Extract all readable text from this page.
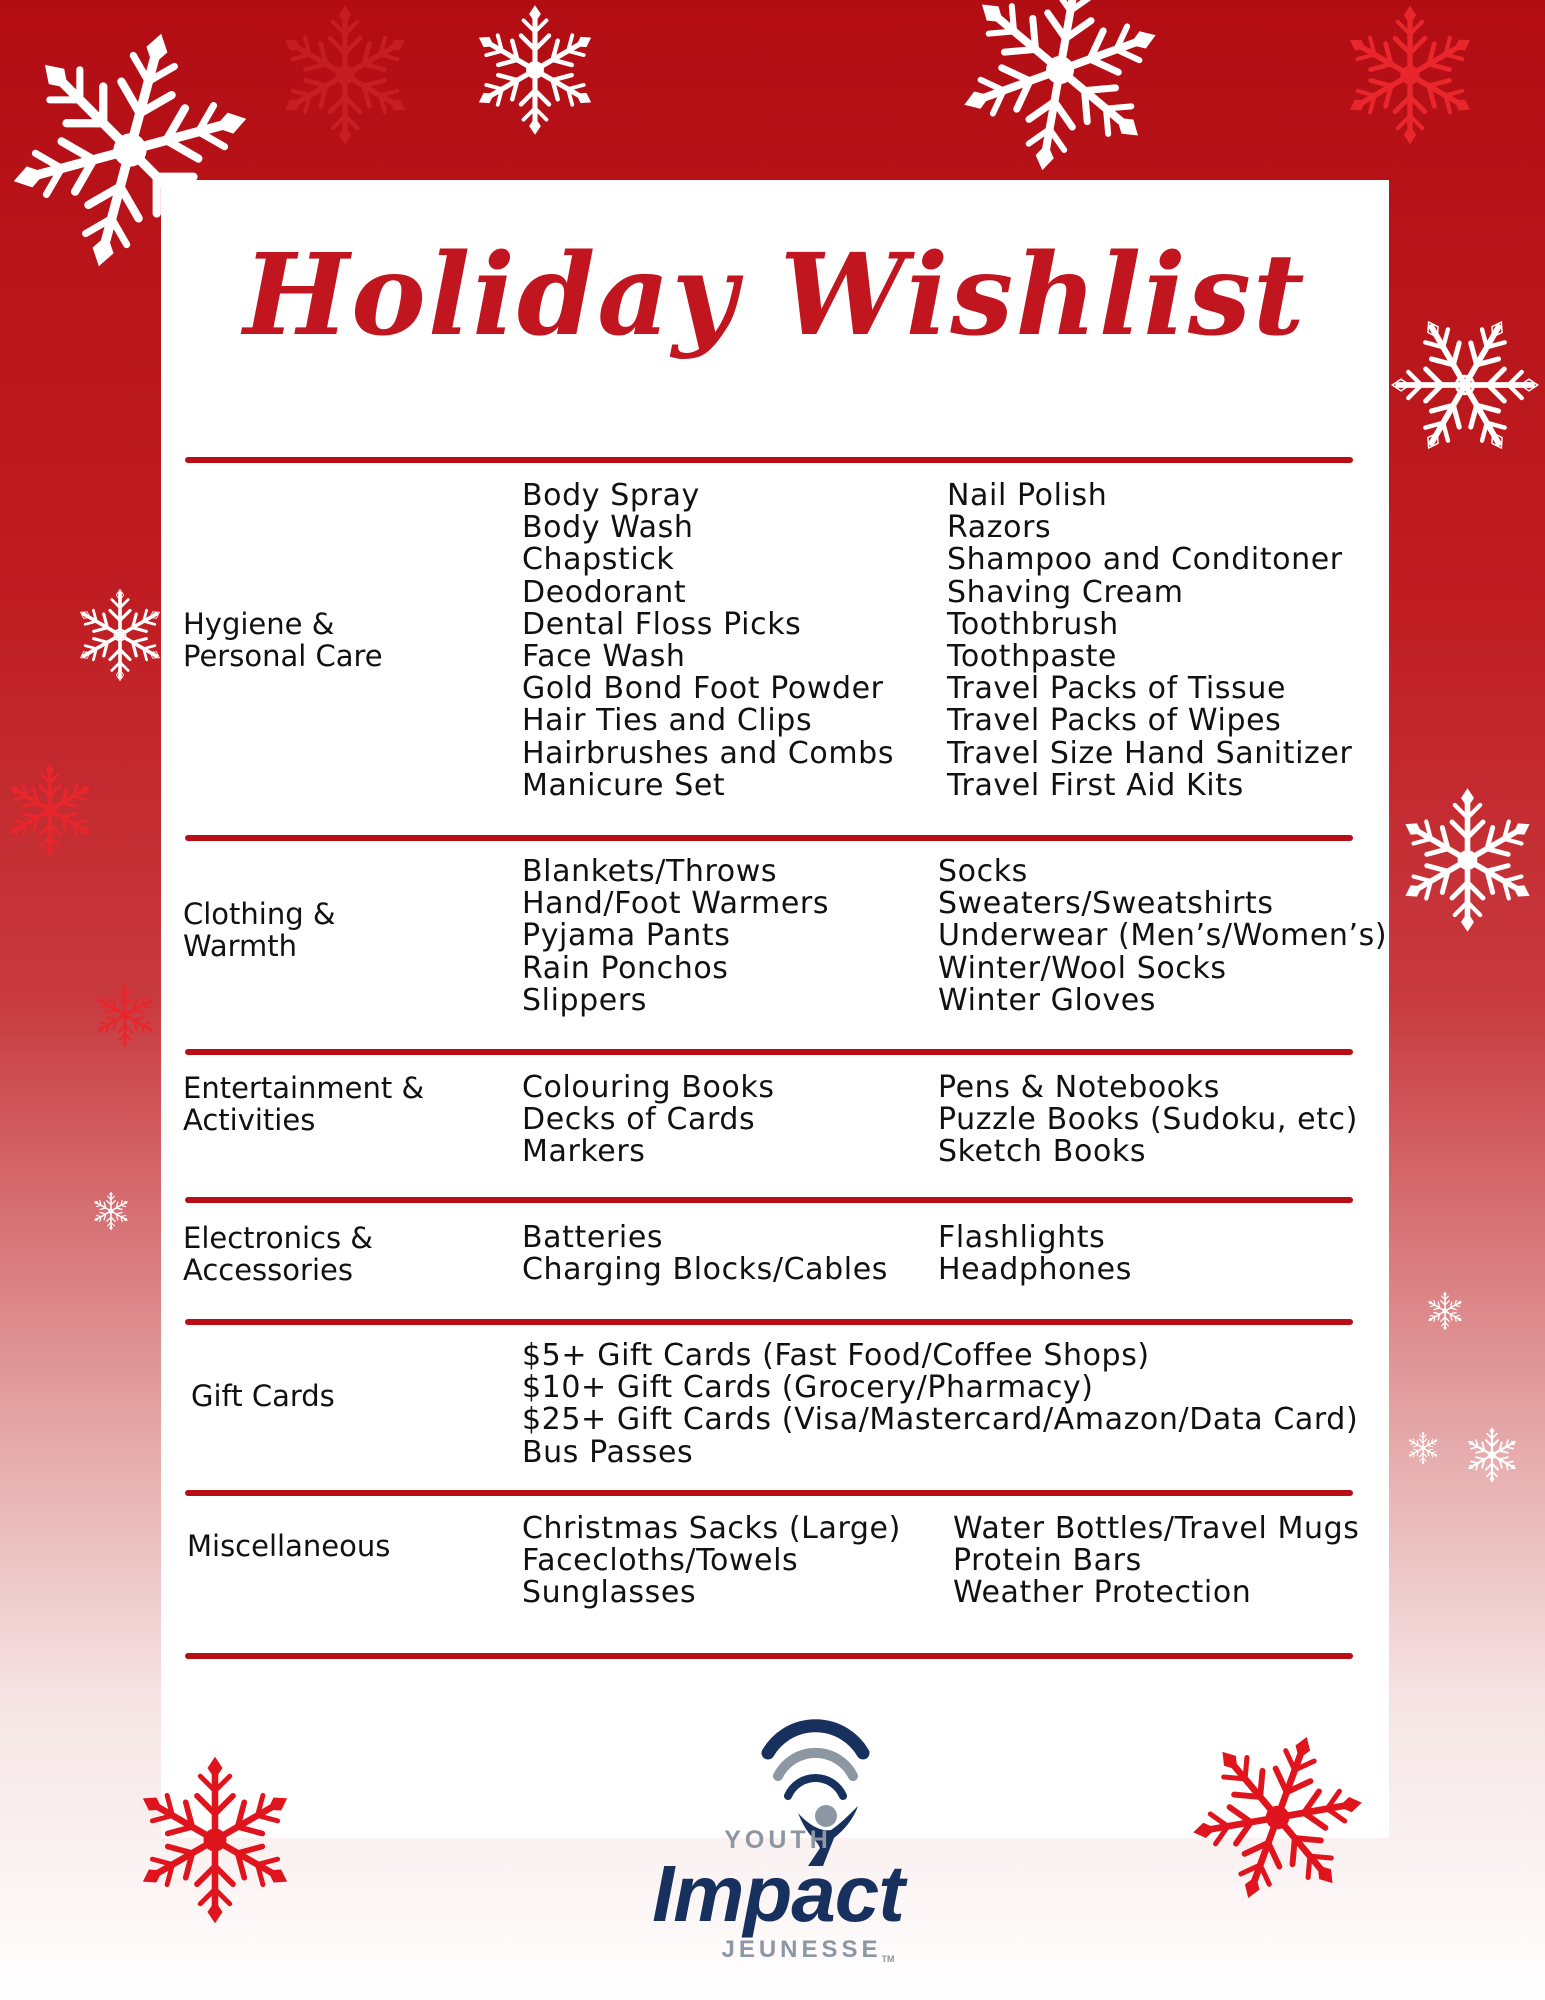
Holiday Wishlist
Hygiene &
Personal Care
Body Spray
Body Wash
Chapstick
Deodorant
Dental Floss Picks
Face Wash
Gold Bond Foot Powder
Hair Ties and Clips
Hairbrushes and Combs
Manicure Set
Nail Polish
Razors
Shampoo and Conditoner
Shaving Cream
Toothbrush
Toothpaste
Travel Packs of Tissue
Travel Packs of Wipes
Travel Size Hand Sanitizer
Travel First Aid Kits
Clothing &
Warmth
Blankets/Throws
Hand/Foot Warmers
Pyjama Pants
Rain Ponchos
Slippers
Socks
Sweaters/Sweatshirts
Underwear (Men’s/Women’s)
Winter/Wool Socks
Winter Gloves
Entertainment &
Activities
Colouring Books
Decks of Cards
Markers
Pens & Notebooks
Puzzle Books (Sudoku, etc)
Sketch Books
Electronics &
Accessories
Batteries
Charging Blocks/Cables
Flashlights
Headphones
Gift Cards
$5+ Gift Cards (Fast Food/Coffee Shops)
$10+ Gift Cards (Grocery/Pharmacy)
$25+ Gift Cards (Visa/Mastercard/Amazon/Data Card)
Bus Passes
Miscellaneous	Christmas Sacks (Large)
Facecloths/Towels
Sunglasses
Water Bottles/Travel Mugs
Protein Bars
Weather Protection
YOUTH
Impact
JEUNESSETM
